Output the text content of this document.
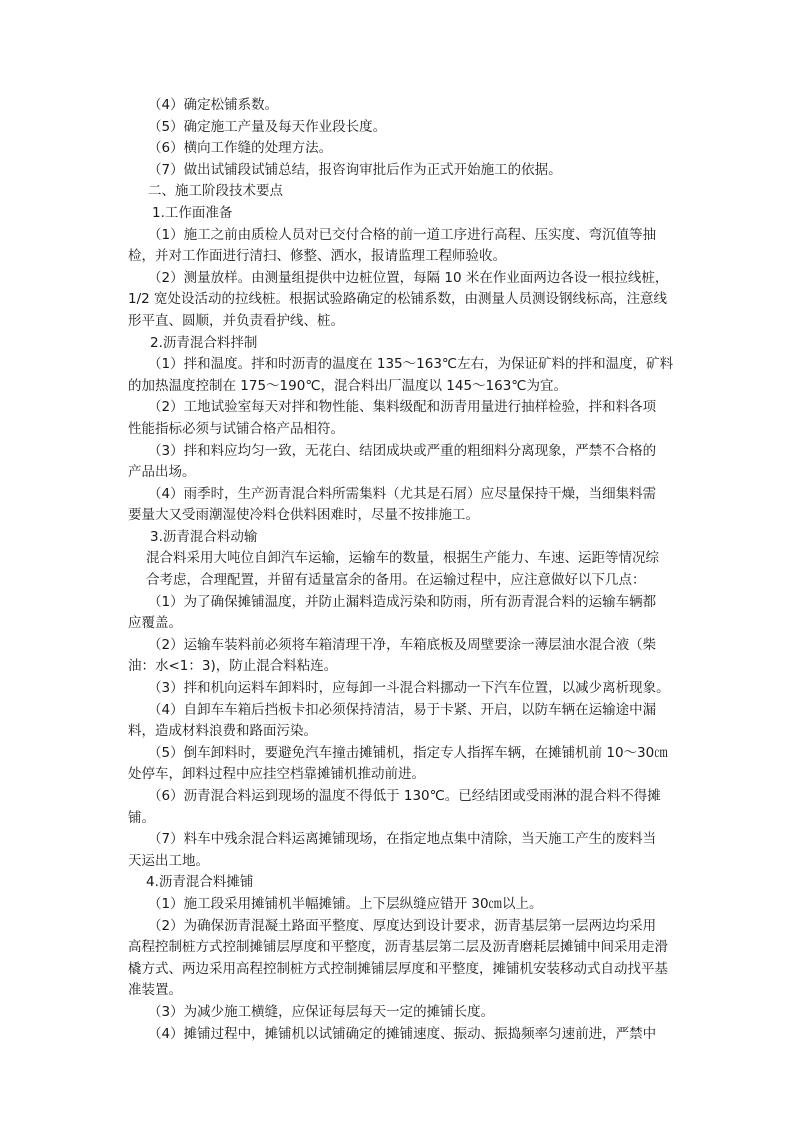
（4）确定松铺系数。
（5）确定施工产量及每天作业段长度。
（6）横向工作缝的处理方法。
（7）做出试铺段试铺总结，报咨询审批后作为正式开始施工的依据。
二、施工阶段技术要点
1.工作面准备
（1）施工之前由质检人员对已交付合格的前一道工序进行高程、压实度、弯沉值等抽
检，并对工作面进行清扫、修整、洒水，报请监理工程师验收。
（2）测量放样。由测量组提供中边桩位置，每隔 10 米在作业面两边各设一根拉线桩，
1/2 宽处设活动的拉线桩。根据试验路确定的松铺系数，由测量人员测设钢线标高，注意线
形平直、圆顺，并负责看护线、桩。
2.沥青混合料拌制
（1）拌和温度。拌和时沥青的温度在 135～163℃左右，为保证矿料的拌和温度，矿料
的加热温度控制在 175～190℃，混合料出厂温度以 145～163℃为宜。
（2）工地试验室每天对拌和物性能、集料级配和沥青用量进行抽样检验，拌和料各项
性能指标必须与试铺合格产品相符。
（3）拌和料应均匀一致，无花白、结团成块或严重的粗细料分离现象，严禁不合格的
产品出场。
（4）雨季时，生产沥青混合料所需集料（尤其是石屑）应尽量保持干燥，当细集料需
要量大又受雨潮湿使冷料仓供料困难时，尽量不按排施工。
3.沥青混合料动输
混合料采用大吨位自卸汽车运输，运输车的数量，根据生产能力、车速、运距等情况综
合考虑，合理配置，并留有适量富余的备用。在运输过程中，应注意做好以下几点：
（1）为了确保摊铺温度，并防止漏料造成污染和防雨，所有沥青混合料的运输车辆都
应覆盖。
（2）运输车装料前必须将车箱清理干净，车箱底板及周壁要涂一薄层油水混合液（柴
油：水<1：3)，防止混合料粘连。
（3）拌和机向运料车卸料时，应每卸一斗混合料挪动一下汽车位置，以减少离析现象。
（4）自卸车车箱后挡板卡扣必须保持清洁，易于卡紧、开启，以防车辆在运输途中漏
料，造成材料浪费和路面污染。
（5）倒车卸料时，要避免汽车撞击摊铺机，指定专人指挥车辆，在摊铺机前 10～30㎝
处停车，卸料过程中应挂空档靠摊铺机推动前进。
（6）沥青混合料运到现场的温度不得低于 130℃。已经结团或受雨淋的混合料不得摊
铺。
（7）料车中残余混合料运离摊铺现场，在指定地点集中清除，当天施工产生的废料当
天运出工地。
4.沥青混合料摊铺
（1）施工段采用摊铺机半幅摊铺。上下层纵缝应错开 30㎝以上。
（2）为确保沥青混凝土路面平整度、厚度达到设计要求，沥青基层第一层两边均采用
高程控制桩方式控制摊铺层厚度和平整度，沥青基层第二层及沥青磨耗层摊铺中间采用走滑
橇方式、两边采用高程控制桩方式控制摊铺层厚度和平整度，摊铺机安装移动式自动找平基
准装置。
（3）为减少施工横缝，应保证每层每天一定的摊铺长度。
（4）摊铺过程中，摊铺机以试铺确定的摊铺速度、振动、振捣频率匀速前进，严禁中
